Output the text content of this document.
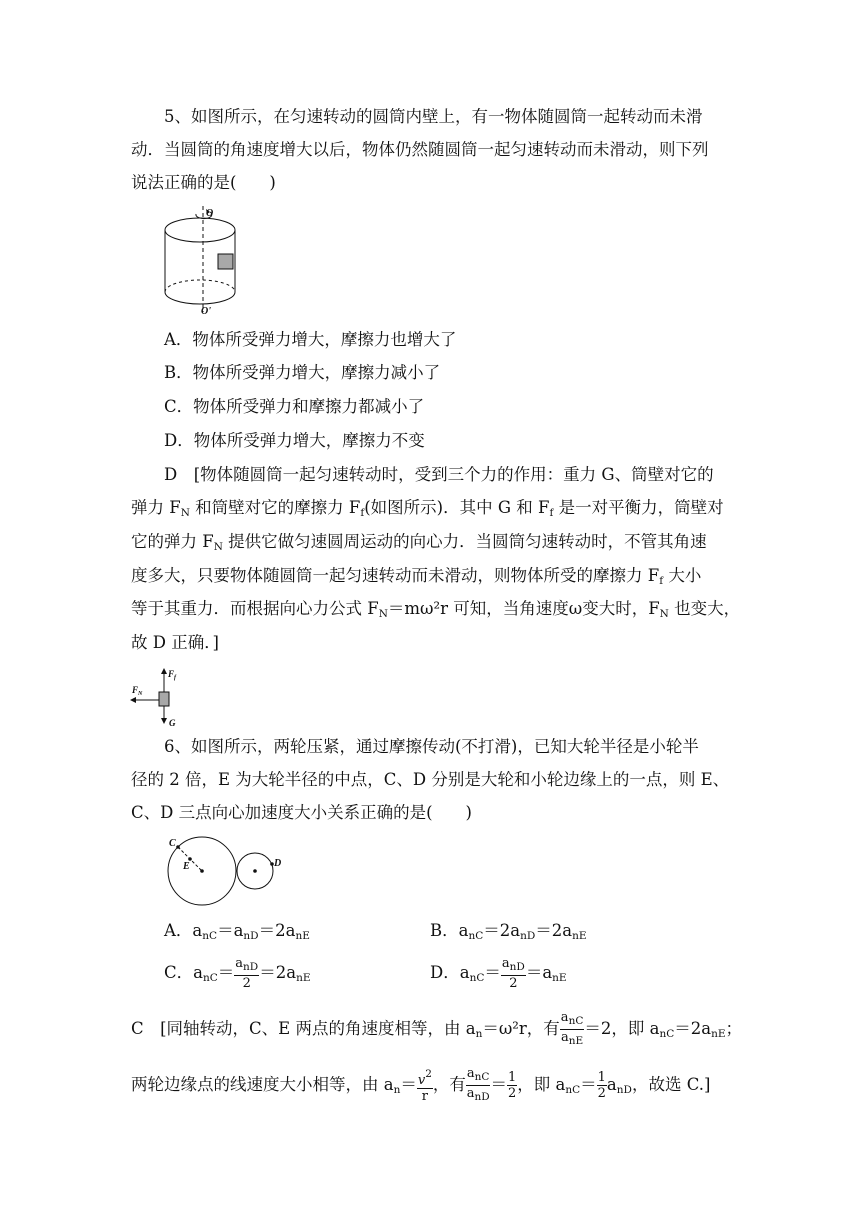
5、如图所示，在匀速转动的圆筒内壁上，有一物体随圆筒一起转动而未滑
动．当圆筒的角速度增大以后，物体仍然随圆筒一起匀速转动而未滑动，则下列
说法正确的是(　　)
O
O'
A．物体所受弹力增大，摩擦力也增大了
B．物体所受弹力增大，摩擦力减小了
C．物体所受弹力和摩擦力都减小了
D．物体所受弹力增大，摩擦力不变
D　[物体随圆筒一起匀速转动时，受到三个力的作用：重力 G、筒壁对它的
弹力 $F_N$ 和筒壁对它的摩擦力 $F_f$(如图所示)．其中 G 和 $F_f$ 是一对平衡力，筒壁对
它的弹力 $F_N$ 提供它做匀速圆周运动的向心力．当圆筒匀速转动时，不管其角速
度多大，只要物体随圆筒一起匀速转动而未滑动，则物体所受的摩擦力 $F_f$ 大小
等于其重力．而根据向心力公式 $F_N=m\omega^2r$ 可知，当角速度ω变大时，$F_N$ 也变大，
故 D 正确．]
$F_f$
$F_N$
G
6、如图所示，两轮压紧，通过摩擦传动(不打滑)，已知大轮半径是小轮半
径的 2 倍，E 为大轮半径的中点，C、D 分别是大轮和小轮边缘上的一点，则 E、
C、D 三点向心加速度大小关系正确的是(　　)
C
E	D
A．$a_{nC}=a_{nD}=2a_{nE}$	B．$a_{nC}=2a_{nD}=2a_{nE}$
C．$a_{nC}= \frac{a_{nD}}{2} =2a_{nE}$	D．$a_{nC}= \frac{a_{nD}}{2} =a_{nE}$
C　[同轴转动，C、E 两点的角速度相等，由 $a_n=\omega^2r$，有 $\frac{a_{nC}}{a_{nE}} =2$，即 $a_{nC}=2a_{nE}$；
两轮边缘点的线速度大小相等，由 $a_n= \frac{v^2}{r}$ ，有 $\frac{a_{nC}}{a_{nD}} = \frac{1}{2}$ ，即 $a_{nC}= \frac{1}{2} a_{nD}$，故选 C.]
